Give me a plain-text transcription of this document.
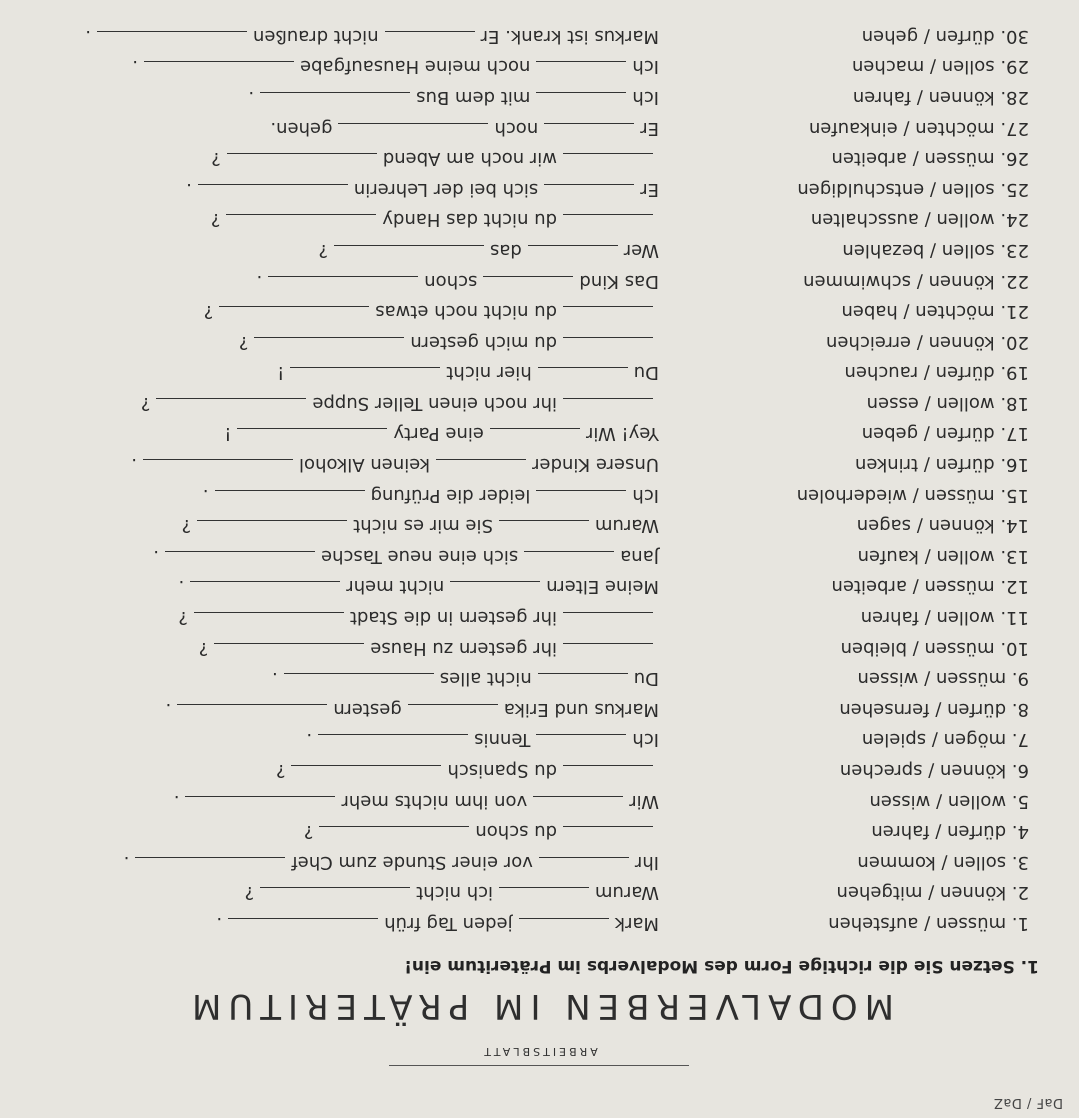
DaF / DaZ
ARBEITSBLATT
MODALVERBEN IM PRÄTERITUM
1. Setzen Sie die richtige Form des Modalverbs im Präteritum ein!
1. müssen / aufstehen
Markjeden Tag früh.
2. können / mitgehen
Warumich nicht?
3. sollen / kommen
Ihrvor einer Stunde zum Chef.
4. dürfen / fahren
du schon?
5. wollen / wissen
Wirvon ihm nichts mehr.
6. können / sprechen
du Spanisch?
7. mögen / spielen
IchTennis.
8. dürfen / fernsehen
Markus und Erikagestern.
9. müssen / wissen
Dunicht alles.
10. müssen / bleiben
ihr gestern zu Hause?
11. wollen / fahren
ihr gestern in die Stadt?
12. müssen / arbeiten
Meine Elternnicht mehr.
13. wollen / kaufen
Janasich eine neue Tasche.
14. können / sagen
WarumSie mir es nicht?
15. müssen / wiederholen
Ichleider die Prüfung.
16. dürfen / trinken
Unsere Kinderkeinen Alkohol.
17. dürfen / geben
Yey! Wireine Party!
18. wollen / essen
ihr noch einen Teller Suppe?
19. dürfen / rauchen
Duhier nicht!
20. können / erreichen
du mich gestern?
21. möchten / haben
du nicht noch etwas?
22. können / schwimmen
Das Kindschon.
23. sollen / bezahlen
Werdas?
24. wollen / ausschalten
du nicht das Handy?
25. sollen / entschuldigen
Ersich bei der Lehrerin.
26. müssen / arbeiten
wir noch am Abend?
27. möchten / einkaufen
Ernochgehen.
28. können / fahren
Ichmit dem Bus.
29. sollen / machen
Ichnoch meine Hausaufgabe.
30. dürfen / gehen
Markus ist krank. Ernicht draußen.
